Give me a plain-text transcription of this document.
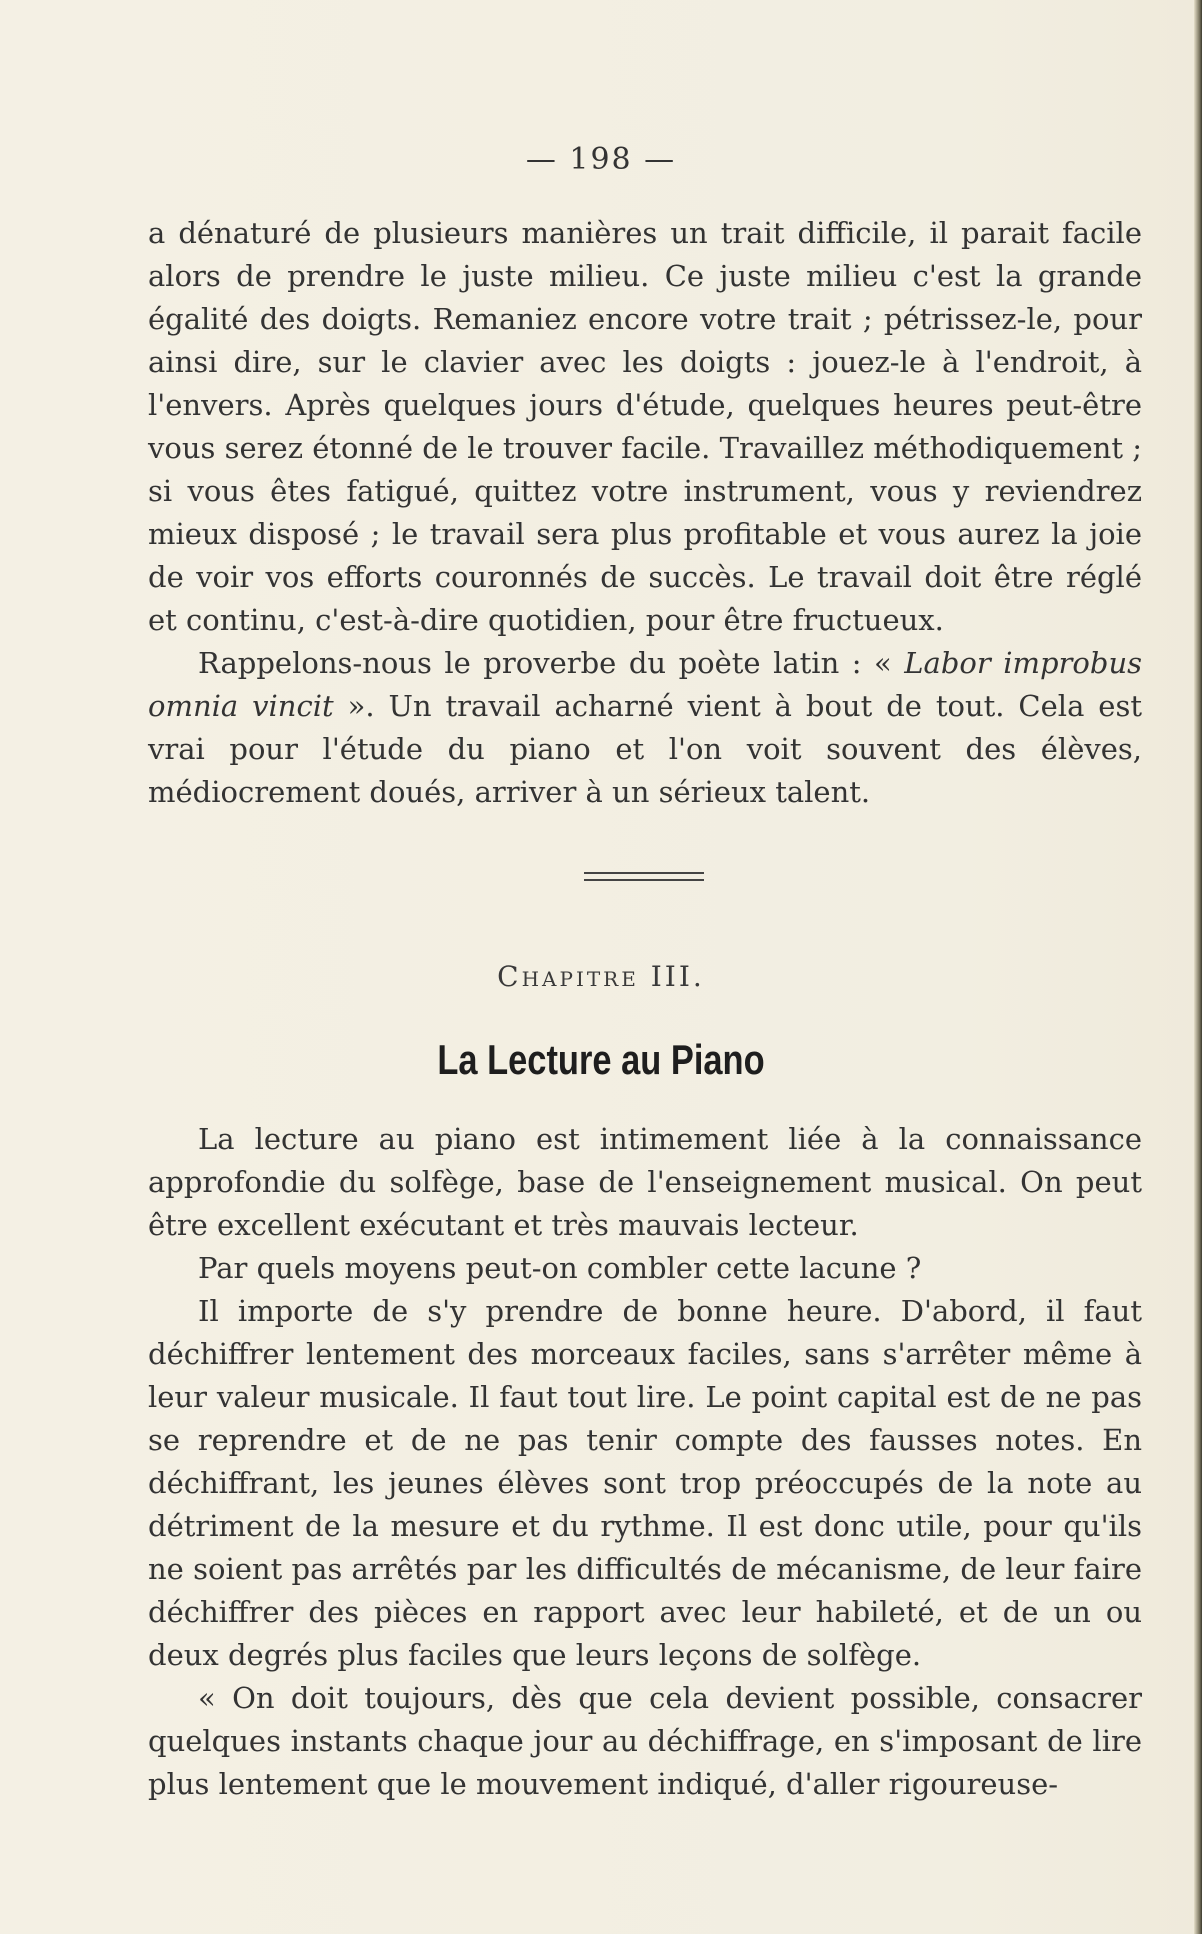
— 198 —

a dénaturé de plusieurs manières un trait difficile, il parait facile alors de prendre le juste milieu. Ce juste milieu c'est la grande égalité des doigts. Remaniez encore votre trait ; pétrissez-le, pour ainsi dire, sur le clavier avec les doigts : jouez-le à l'endroit, à l'envers. Après quelques jours d'étude, quelques heures peut-être vous serez étonné de le trouver facile. Travaillez méthodiquement ; si vous êtes fatigué, quittez votre instrument, vous y reviendrez mieux disposé ; le travail sera plus profitable et vous aurez la joie de voir vos efforts couronnés de succès. Le travail doit être réglé et continu, c'est-à-dire quotidien, pour être fructueux.

Rappelons-nous le proverbe du poète latin : « Labor improbus omnia vincit ». Un travail acharné vient à bout de tout. Cela est vrai pour l'étude du piano et l'on voit souvent des élèves, médiocrement doués, arriver à un sérieux talent.

Chapitre III.
La Lecture au Piano

La lecture au piano est intimement liée à la connaissance approfondie du solfège, base de l'enseignement musical. On peut être excellent exécutant et très mauvais lecteur.

Par quels moyens peut-on combler cette lacune ?

Il importe de s'y prendre de bonne heure. D'abord, il faut déchiffrer lentement des morceaux faciles, sans s'arrêter même à leur valeur musicale. Il faut tout lire. Le point capital est de ne pas se reprendre et de ne pas tenir compte des fausses notes. En déchiffrant, les jeunes élèves sont trop préoccupés de la note au détriment de la mesure et du rythme. Il est donc utile, pour qu'ils ne soient pas arrêtés par les difficultés de mécanisme, de leur faire déchiffrer des pièces en rapport avec leur habileté, et de un ou deux degrés plus faciles que leurs leçons de solfège.

« On doit toujours, dès que cela devient possible, consacrer quelques instants chaque jour au déchiffrage, en s'imposant de lire plus lentement que le mouvement indiqué, d'aller rigoureuse-
